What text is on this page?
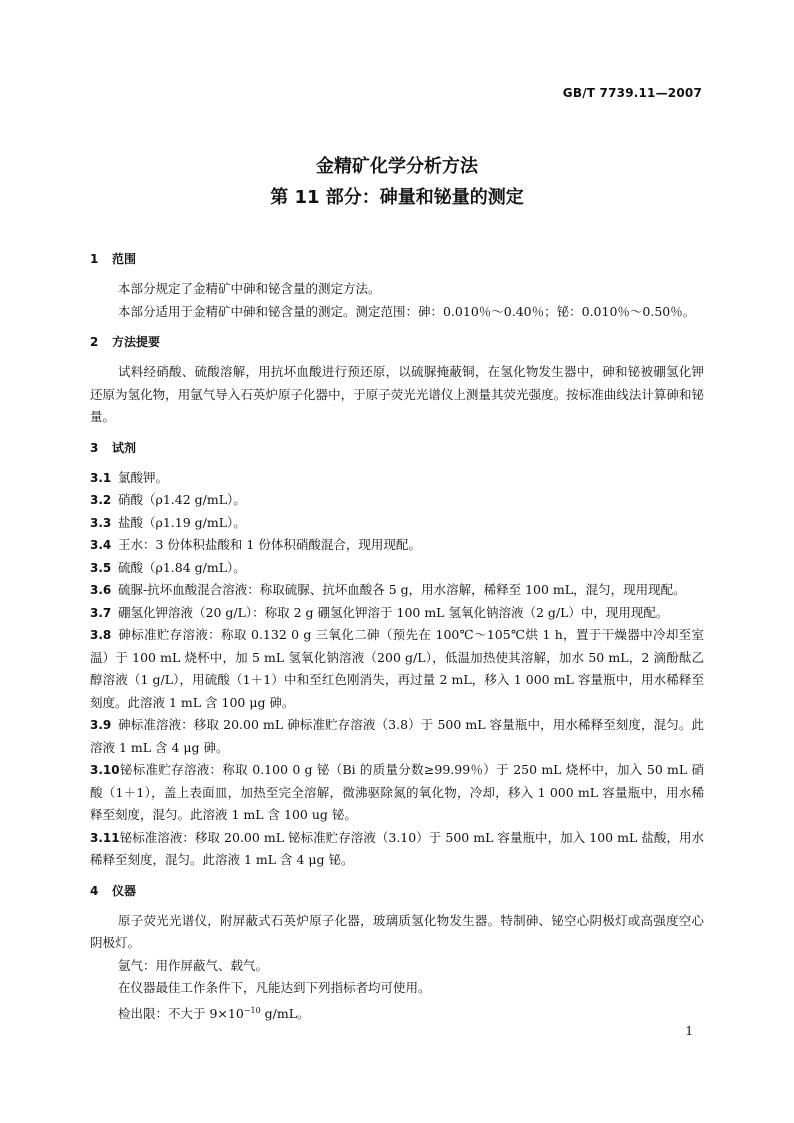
GB/T 7739.11—2007
金精矿化学分析方法
第 11 部分：砷量和铋量的测定
1 范围

本部分规定了金精矿中砷和铋含量的测定方法。

本部分适用于金精矿中砷和铋含量的测定。测定范围：砷：0.010％～0.40％；铋：0.010％～0.50％。

2 方法提要

试料经硝酸、硫酸溶解，用抗坏血酸进行预还原，以硫脲掩蔽铜，在氢化物发生器中，砷和铋被硼氢化钾还原为氢化物，用氩气导入石英炉原子化器中，于原子荧光光谱仪上测量其荧光强度。按标准曲线法计算砷和铋量。

3 试剂

3.1 氯酸钾。

3.2 硝酸（ρ1.42 g/mL）。

3.3 盐酸（ρ1.19 g/mL）。

3.4 王水：3 份体积盐酸和 1 份体积硝酸混合，现用现配。

3.5 硫酸（ρ1.84 g/mL）。

3.6 硫脲-抗坏血酸混合溶液：称取硫脲、抗坏血酸各 5 g，用水溶解，稀释至 100 mL，混匀，现用现配。

3.7 硼氢化钾溶液（20 g/L）：称取 2 g 硼氢化钾溶于 100 mL 氢氧化钠溶液（2 g/L）中，现用现配。

3.8 砷标准贮存溶液：称取 0.132 0 g 三氧化二砷（预先在 100℃～105℃烘 1 h，置于干燥器中冷却至室温）于 100 mL 烧杯中，加 5 mL 氢氧化钠溶液（200 g/L），低温加热使其溶解，加水 50 mL，2 滴酚酞乙醇溶液（1 g/L），用硫酸（1＋1）中和至红色刚消失，再过量 2 mL，移入 1 000 mL 容量瓶中，用水稀释至刻度。此溶液 1 mL 含 100 μg 砷。

3.9 砷标准溶液：移取 20.00 mL 砷标准贮存溶液（3.8）于 500 mL 容量瓶中，用水稀释至刻度，混匀。此溶液 1 mL 含 4 μg 砷。

3.10铋标准贮存溶液：称取 0.100 0 g 铋（Bi 的质量分数≥99.99％）于 250 mL 烧杯中，加入 50 mL 硝酸（1＋1），盖上表面皿，加热至完全溶解，微沸驱除氮的氧化物，冷却，移入 1 000 mL 容量瓶中，用水稀释至刻度，混匀。此溶液 1 mL 含 100 ug 铋。

3.11铋标准溶液：移取 20.00 mL 铋标准贮存溶液（3.10）于 500 mL 容量瓶中，加入 100 mL 盐酸，用水稀释至刻度，混匀。此溶液 1 mL 含 4 μg 铋。

4 仪器

原子荧光光谱仪，附屏蔽式石英炉原子化器，玻璃质氢化物发生器。特制砷、铋空心阴极灯或高强度空心阴极灯。

氩气：用作屏蔽气、载气。

在仪器最佳工作条件下，凡能达到下列指标者均可使用。

检出限：不大于 $9\times 10^{-10}$ g/mL。

1
